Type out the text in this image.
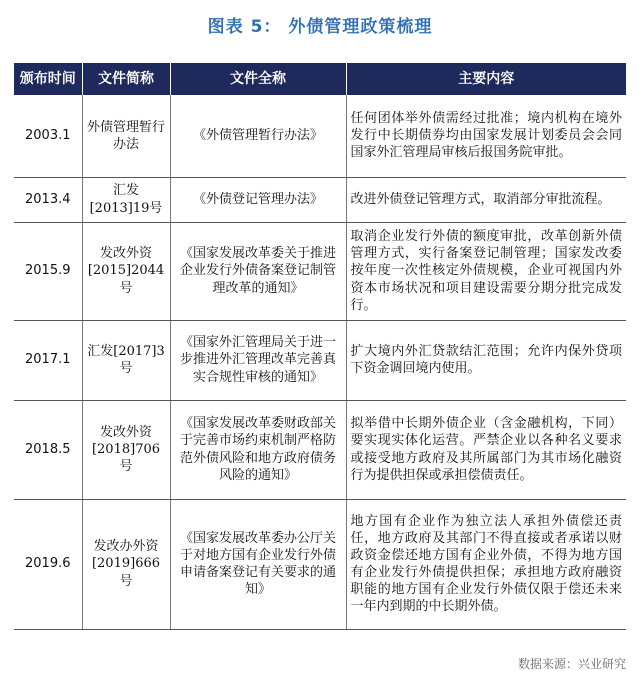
图表 5： 外债管理政策梳理
颁布时间	文件简称	文件全称	主要内容
2003.1	外债管理暂行办法	《外债管理暂行办法》	任何团体举外债需经过批准；境内机构在境外发行中长期债券均由国家发展计划委员会会同国家外汇管理局审核后报国务院审批。
2013.4	汇发[2013]19号	《外债登记管理办法》	改进外债登记管理方式，取消部分审批流程。
2015.9	发改外资[2015]2044号	《国家发展改革委关于推进企业发行外债备案登记制管理改革的通知》	取消企业发行外债的额度审批，改革创新外债管理方式，实行备案登记制管理；国家发改委按年度一次性核定外债规模，企业可视国内外资本市场状况和项目建设需要分期分批完成发行。
2017.1	汇发[2017]3号	《国家外汇管理局关于进一步推进外汇管理改革完善真实合规性审核的通知》	扩大境内外汇贷款结汇范围；允许内保外贷项下资金调回境内使用。
2018.5	发改外资[2018]706号	《国家发展改革委财政部关于完善市场约束机制严格防范外债风险和地方政府债务风险的通知》	拟举借中长期外债企业（含金融机构，下同）要实现实体化运营。严禁企业以各种名义要求或接受地方政府及其所属部门为其市场化融资行为提供担保或承担偿债责任。
2019.6	发改办外资[2019]666号	《国家发展改革委办公厅关于对地方国有企业发行外债申请备案登记有关要求的通知》	地方国有企业作为独立法人承担外债偿还责任，地方政府及其部门不得直接或者承诺以财政资金偿还地方国有企业外债，不得为地方国有企业发行外债提供担保；承担地方政府融资职能的地方国有企业发行外债仅限于偿还未来一年内到期的中长期外债。
数据来源：兴业研究
